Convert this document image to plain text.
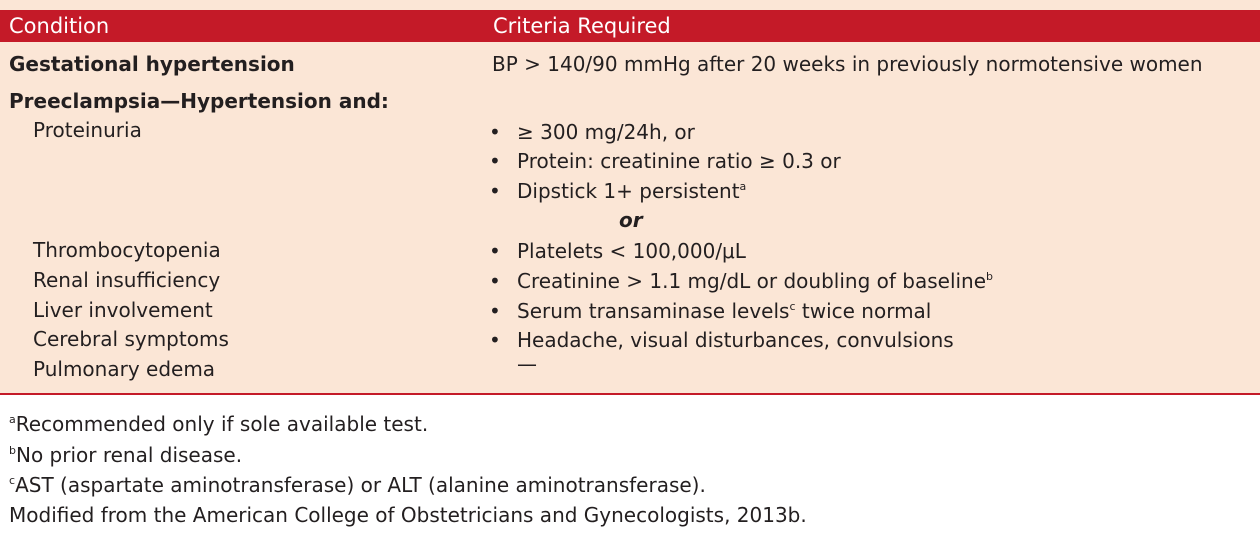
Condition	Criteria Required
Gestational hypertension	BP > 140/90 mmHg after 20 weeks in previously normotensive women
Preeclampsia—Hypertension and:
Proteinuria	• ≥ 300 mg/24h, or
• Protein: creatinine ratio ≥ 0.3 or
• Dipstick 1+ persistent$^a$
or
Thrombocytopenia	• Platelets < 100,000/μL
Renal insufficiency	• Creatinine > 1.1 mg/dL or doubling of baseline$^b$
Liver involvement	• Serum transaminase levels$^c$ twice normal
Cerebral symptoms	• Headache, visual disturbances, convulsions
Pulmonary edema	—
$^a$Recommended only if sole available test.
$^b$No prior renal disease.
$^c$AST (aspartate aminotransferase) or ALT (alanine aminotransferase).
Modified from the American College of Obstetricians and Gynecologists, 2013b.
